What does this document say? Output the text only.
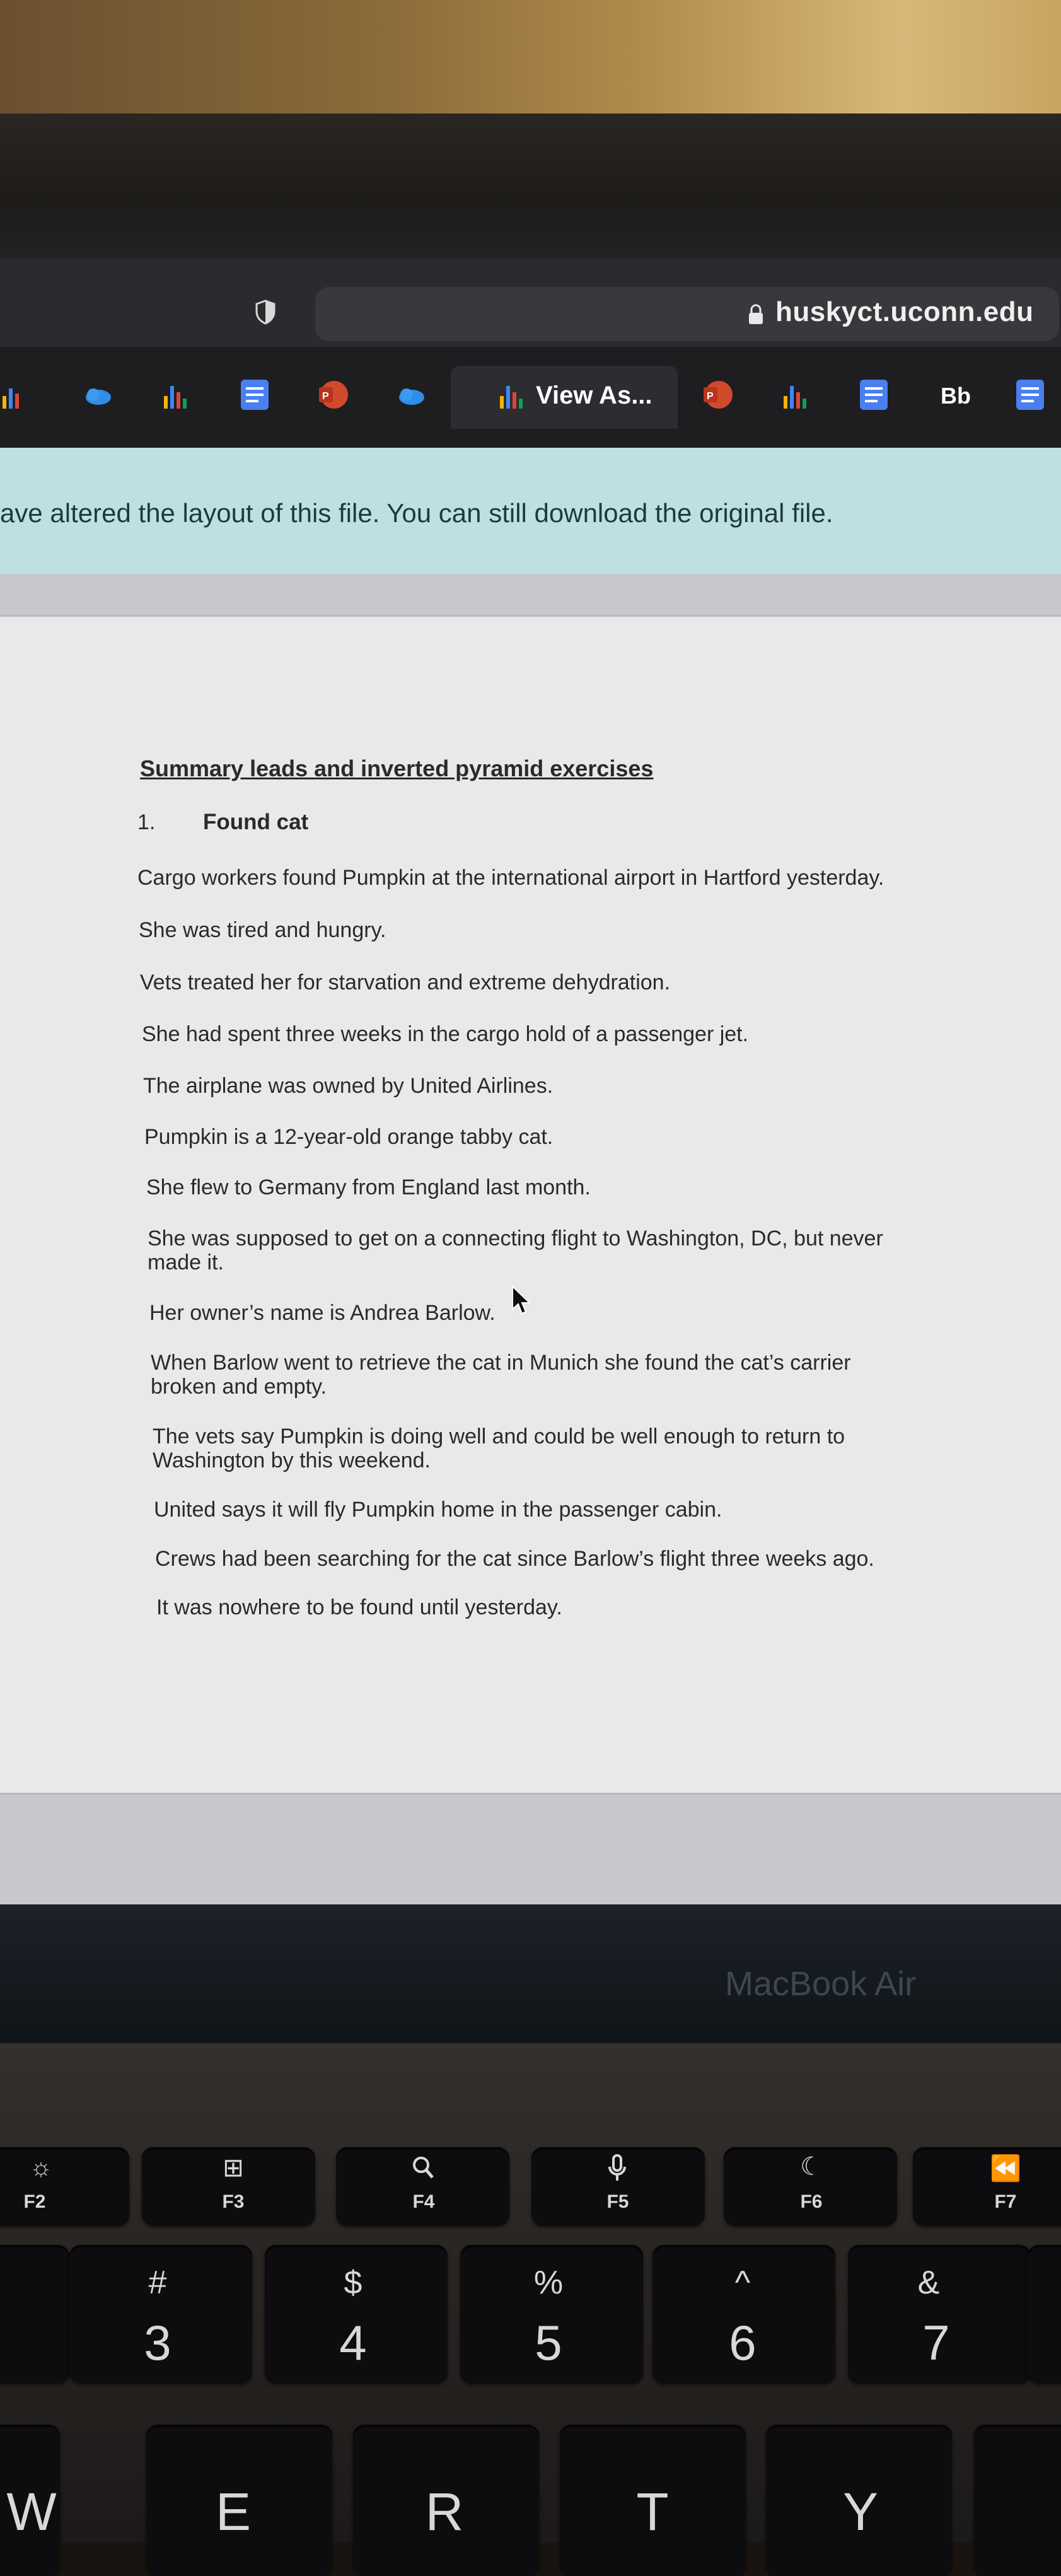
huskyct.uconn.edu
P	View As...	P	Bb
ave altered the layout of this file. You can still download the original file.
Summary leads and inverted pyramid exercises
1. Found cat
Cargo workers found Pumpkin at the international airport in Hartford yesterday.
She was tired and hungry.
Vets treated her for starvation and extreme dehydration.
She had spent three weeks in the cargo hold of a passenger jet.
The airplane was owned by United Airlines.
Pumpkin is a 12-year-old orange tabby cat.
She flew to Germany from England last month.
She was supposed to get on a connecting flight to Washington, DC, but never made it.
Her owner’s name is Andrea Barlow.
When Barlow went to retrieve the cat in Munich she found the cat’s carrier broken and empty.
The vets say Pumpkin is doing well and could be well enough to return to Washington by this weekend.
United says it will fly Pumpkin home in the passenger cabin.
Crews had been searching for the cat since Barlow’s flight three weeks ago.
It was nowhere to be found until yesterday.
MacBook Air
☼
F2
⊞
F3	F4	F5
☾
F6
⏪
F7
#
3
$
4
%
5
^
6
&
7
W	E	R	T	Y
